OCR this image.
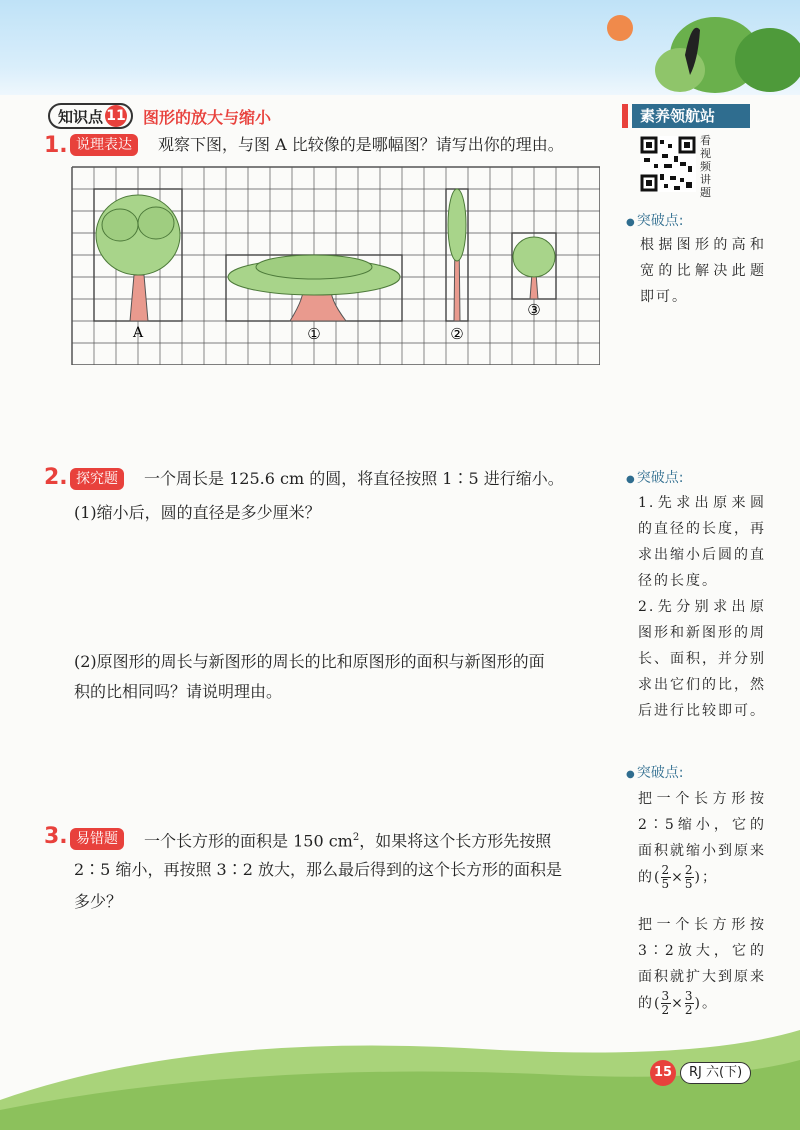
知识点 11 图形的放大与缩小	素养领航站
看视频讲题
1. 说理表达	观察下图，与图 A 比较像的是哪幅图？请写出你的理由。
A	①	②
③
● 突破点:
根据图形的高和宽的比解决此题即可。
2. 探究题	一个周长是 125.6 cm 的圆，将直径按照 1∶5 进行缩小。
(1)缩小后，圆的直径是多少厘米？
(2)原图形的周长与新图形的周长的比和原图形的面积与新图形的面
积的比相同吗？请说明理由。
● 突破点:
1.先求出原来圆的直径的长度，再求出缩小后圆的直径的长度。
2.先分别求出原图形和新图形的周长、面积，并分别求出它们的比，然后进行比较即可。
● 突破点:
把一个长方形按2∶5缩小，它的面积就缩小到原来的( $\frac{2}{5} \times \frac{2}{5}$ )；
把一个长方形按3∶2放大，它的面积就扩大到原来的( $\frac{3}{2} \times \frac{3}{2}$ )。
3. 易错题	一个长方形的面积是 150 $cm^2$，如果将这个长方形先按照
2∶5 缩小，再按照 3∶2 放大，那么最后得到的这个长方形的面积是
多少？
15	RJ 六(下)
